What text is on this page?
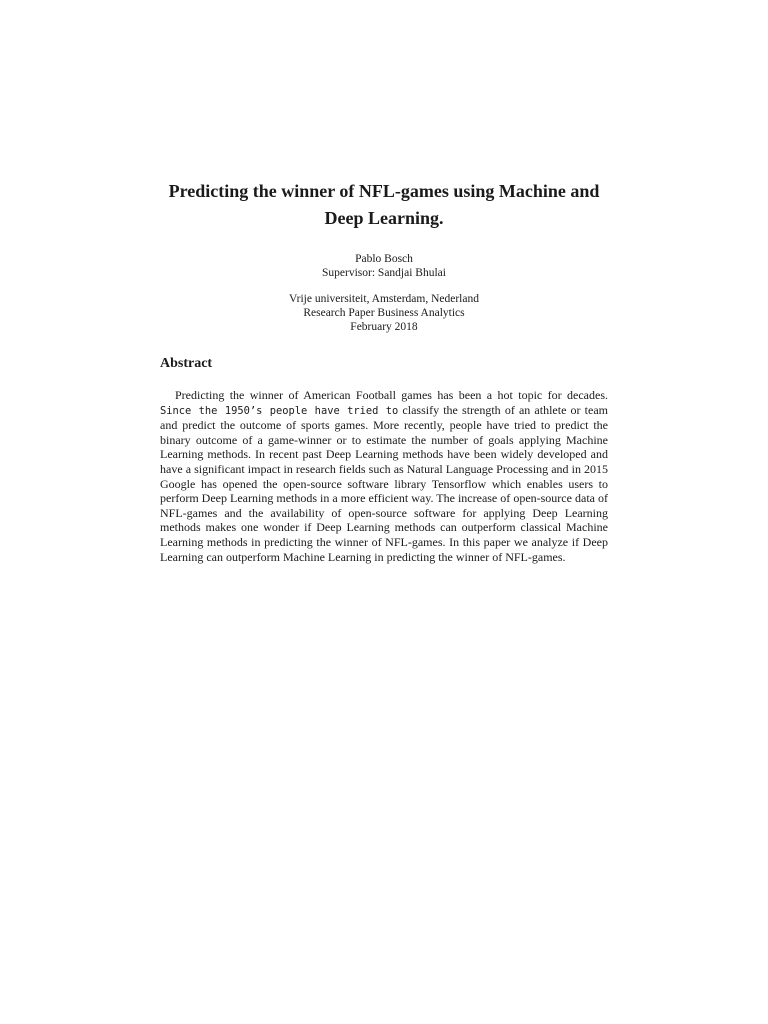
Predicting the winner of NFL-games using Machine and
Deep Learning.
Pablo Bosch
Supervisor: Sandjai Bhulai
Vrije universiteit, Amsterdam, Nederland
Research Paper Business Analytics
February 2018
Abstract

Predicting the winner of American Football games has been a hot topic for decades. Since the 1950’s people have tried to classify the strength of an athlete or team and predict the outcome of sports games. More recently, people have tried to predict the binary outcome of a game-winner or to estimate the number of goals applying Machine Learning methods. In recent past Deep Learning methods have been widely developed and have a significant impact in research fields such as Natural Language Processing and in 2015 Google has opened the open-source software library Tensorflow which enables users to perform Deep Learning methods in a more efficient way. The increase of open-source data of NFL-games and the availability of open-source software for applying Deep Learning methods makes one wonder if Deep Learning methods can outperform classical Machine Learning methods in predicting the winner of NFL-games. In this paper we analyze if Deep Learning can outperform Machine Learning in predicting the winner of NFL-games.
